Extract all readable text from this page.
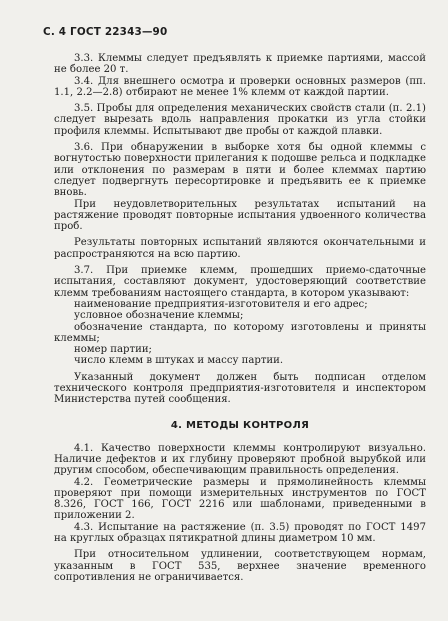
С. 4 ГОСТ 22343—90

3.3. Клеммы следует предъявлять к приемке партиями, массой не более 20 т.

3.4. Для внешнего осмотра и проверки основных размеров (пп. 1.1, 2.2—2.8) отбирают не менее 1% клемм от каждой партии.

3.5. Пробы для определения механических свойств стали (п. 2.1) следует вырезать вдоль направления прокатки из угла стойки профиля клеммы. Испытывают две пробы от каждой плавки.

3.6. При обнаружении в выборке хотя бы одной клеммы с вогнутостью поверхности прилегания к подошве рельса и подкладке или отклонения по размерам в пяти и более клеммах партию следует подвергнуть пересортировке и предъявить ее к приемке вновь.

При неудовлетворительных результатах испытаний на растяжение проводят повторные испытания удвоенного количества проб.

Результаты повторных испытаний являются окончательными и распространяются на всю партию.

3.7. При приемке клемм, прошедших приемо-сдаточные испытания, составляют документ, удостоверяющий соответствие клемм требованиям настоящего стандарта, в котором указывают:

наименование предприятия-изготовителя и его адрес;

условное обозначение клеммы;

обозначение стандарта, по которому изготовлены и приняты клеммы;

номер партии;

число клемм в штуках и массу партии.

Указанный документ должен быть подписан отделом технического контроля предприятия-изготовителя и инспектором Министерства путей сообщения.

4. МЕТОДЫ КОНТРОЛЯ

4.1. Качество поверхности клеммы контролируют визуально. Наличие дефектов и их глубину проверяют пробной вырубкой или другим способом, обеспечивающим правильность определения.

4.2. Геометрические размеры и прямолинейность клеммы проверяют при помощи измерительных инструментов по ГОСТ 8.326, ГОСТ 166, ГОСТ 2216 или шаблонами, приведенными в приложении 2.

4.3. Испытание на растяжение (п. 3.5) проводят по ГОСТ 1497 на круглых образцах пятикратной длины диаметром 10 мм.

При относительном удлинении, соответствующем нормам, указанным в ГОСТ 535, верхнее значение временного сопротивления не ограничивается.
